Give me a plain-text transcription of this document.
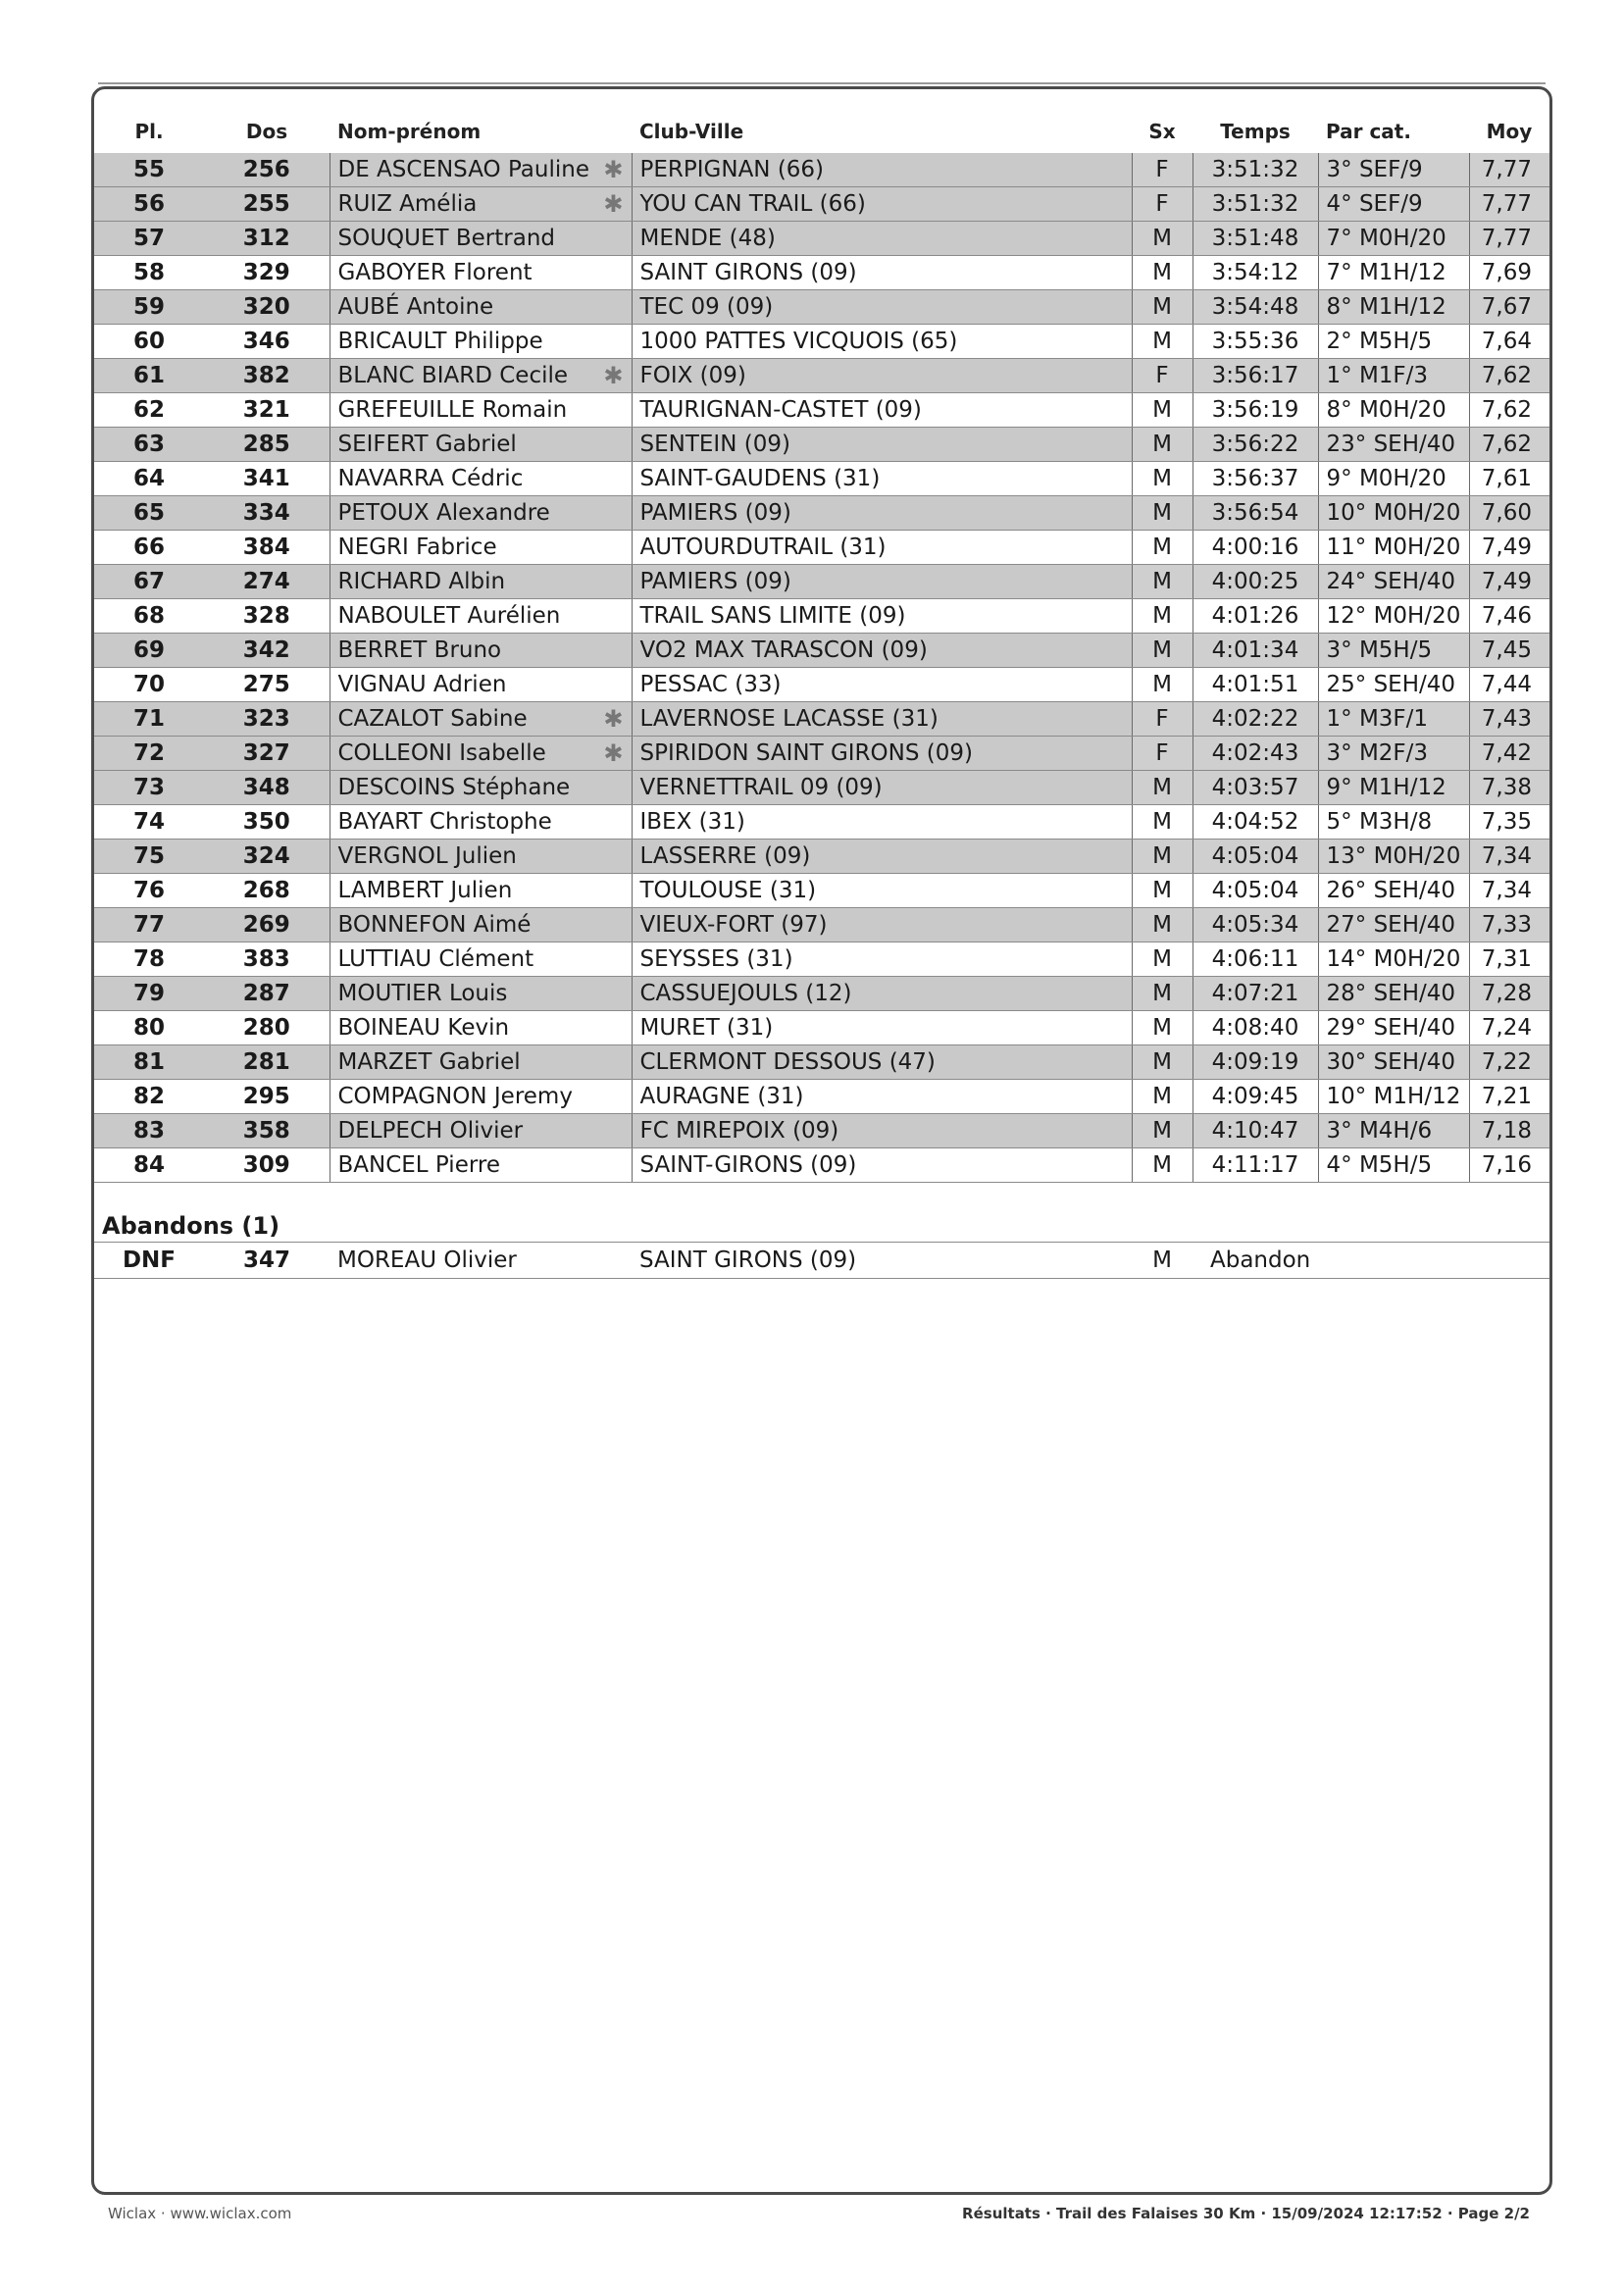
Pl.	Dos	Nom-prénom	Club-Ville	Sx	Temps	Par cat.	Moy
55	256	DE ASCENSAO Pauline ✱	PERPIGNAN (66)	F	3:51:32	3° SEF/9	7,77
56	255	RUIZ Amélia ✱	YOU CAN TRAIL (66)	F	3:51:32	4° SEF/9	7,77
57	312	SOUQUET Bertrand	MENDE (48)	M	3:51:48	7° M0H/20	7,77
58	329	GABOYER Florent	SAINT GIRONS (09)	M	3:54:12	7° M1H/12	7,69
59	320	AUBÉ Antoine	TEC 09 (09)	M	3:54:48	8° M1H/12	7,67
60	346	BRICAULT Philippe	1000 PATTES VICQUOIS (65)	M	3:55:36	2° M5H/5	7,64
61	382	BLANC BIARD Cecile ✱	FOIX (09)	F	3:56:17	1° M1F/3	7,62
62	321	GREFEUILLE Romain	TAURIGNAN-CASTET (09)	M	3:56:19	8° M0H/20	7,62
63	285	SEIFERT Gabriel	SENTEIN (09)	M	3:56:22	23° SEH/40	7,62
64	341	NAVARRA Cédric	SAINT-GAUDENS (31)	M	3:56:37	9° M0H/20	7,61
65	334	PETOUX Alexandre	PAMIERS (09)	M	3:56:54	10° M0H/20	7,60
66	384	NEGRI Fabrice	AUTOURDUTRAIL (31)	M	4:00:16	11° M0H/20	7,49
67	274	RICHARD Albin	PAMIERS (09)	M	4:00:25	24° SEH/40	7,49
68	328	NABOULET Aurélien	TRAIL SANS LIMITE (09)	M	4:01:26	12° M0H/20	7,46
69	342	BERRET Bruno	VO2 MAX TARASCON (09)	M	4:01:34	3° M5H/5	7,45
70	275	VIGNAU Adrien	PESSAC (33)	M	4:01:51	25° SEH/40	7,44
71	323	CAZALOT Sabine ✱	LAVERNOSE LACASSE (31)	F	4:02:22	1° M3F/1	7,43
72	327	COLLEONI Isabelle ✱	SPIRIDON SAINT GIRONS (09)	F	4:02:43	3° M2F/3	7,42
73	348	DESCOINS Stéphane	VERNETTRAIL 09 (09)	M	4:03:57	9° M1H/12	7,38
74	350	BAYART Christophe	IBEX (31)	M	4:04:52	5° M3H/8	7,35
75	324	VERGNOL Julien	LASSERRE (09)	M	4:05:04	13° M0H/20	7,34
76	268	LAMBERT Julien	TOULOUSE (31)	M	4:05:04	26° SEH/40	7,34
77	269	BONNEFON Aimé	VIEUX-FORT (97)	M	4:05:34	27° SEH/40	7,33
78	383	LUTTIAU Clément	SEYSSES (31)	M	4:06:11	14° M0H/20	7,31
79	287	MOUTIER Louis	CASSUEJOULS (12)	M	4:07:21	28° SEH/40	7,28
80	280	BOINEAU Kevin	MURET (31)	M	4:08:40	29° SEH/40	7,24
81	281	MARZET Gabriel	CLERMONT DESSOUS (47)	M	4:09:19	30° SEH/40	7,22
82	295	COMPAGNON Jeremy	AURAGNE (31)	M	4:09:45	10° M1H/12	7,21
83	358	DELPECH Olivier	FC MIREPOIX (09)	M	4:10:47	3° M4H/6	7,18
84	309	BANCEL Pierre	SAINT-GIRONS (09)	M	4:11:17	4° M5H/5	7,16
Abandons (1)
DNF	347	MOREAU Olivier	SAINT GIRONS (09)	M	Abandon
Wiclax · www.wiclax.com	Résultats · Trail des Falaises 30 Km · 15/09/2024 12:17:52 · Page 2/2
